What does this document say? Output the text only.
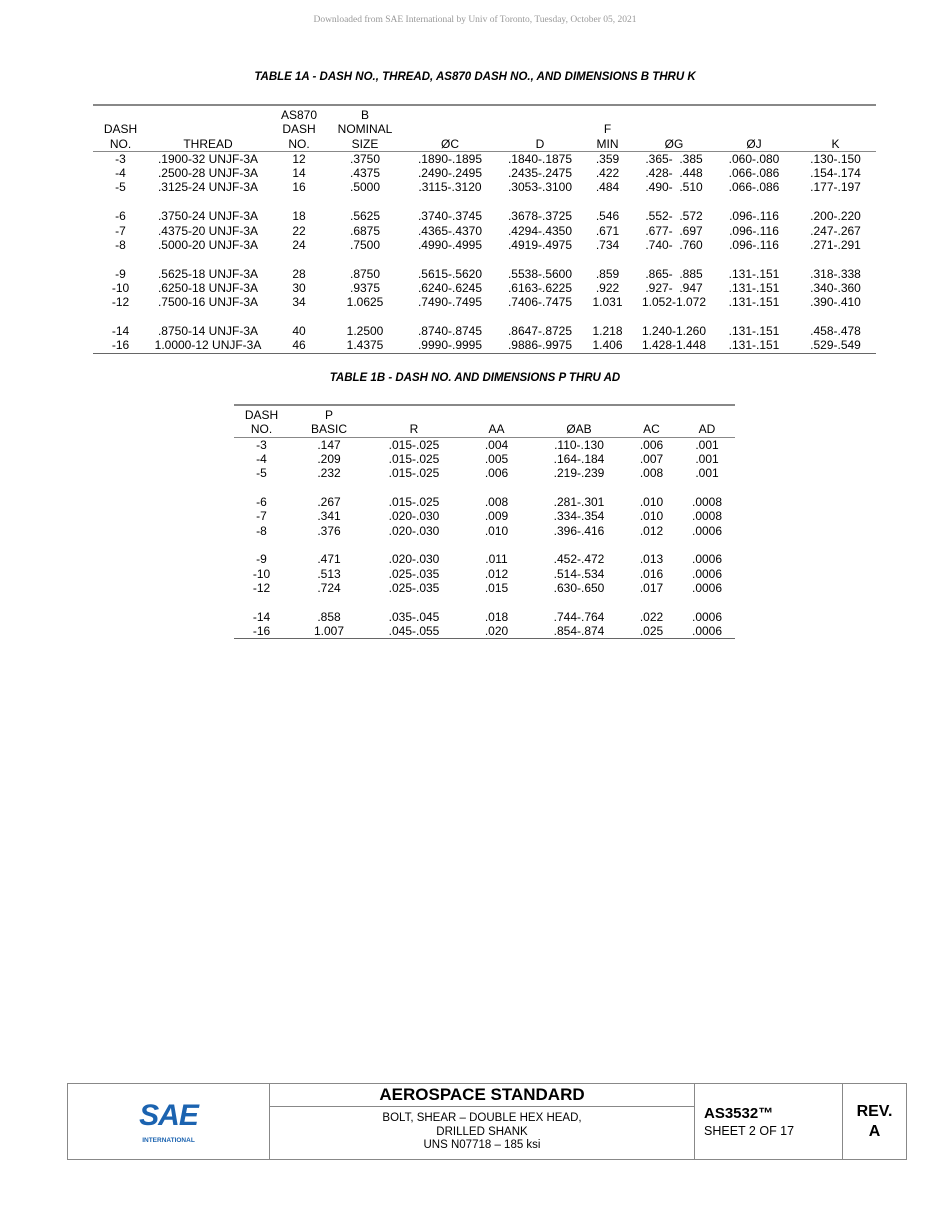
Downloaded from SAE International by Univ of Toronto, Tuesday, October 05, 2021
TABLE 1A - DASH NO., THREAD, AS870 DASH NO., AND DIMENSIONS B THRU K
		AS870	B						
DASH		DASH	NOMINAL			F			
NO.	THREAD	NO.	SIZE	ØC	D	MIN	ØG	ØJ	K
-3	.1900-32 UNJF-3A	12	.3750	.1890-.1895	.1840-.1875	.359	.365-  .385	.060-.080	.130-.150
-4	.2500-28 UNJF-3A	14	.4375	.2490-.2495	.2435-.2475	.422	.428-  .448	.066-.086	.154-.174
-5	.3125-24 UNJF-3A	16	.5000	.3115-.3120	.3053-.3100	.484	.490-  .510	.066-.086	.177-.197

-6	.3750-24 UNJF-3A	18	.5625	.3740-.3745	.3678-.3725	.546	.552-  .572	.096-.116	.200-.220
-7	.4375-20 UNJF-3A	22	.6875	.4365-.4370	.4294-.4350	.671	.677-  .697	.096-.116	.247-.267
-8	.5000-20 UNJF-3A	24	.7500	.4990-.4995	.4919-.4975	.734	.740-  .760	.096-.116	.271-.291

-9	.5625-18 UNJF-3A	28	.8750	.5615-.5620	.5538-.5600	.859	.865-  .885	.131-.151	.318-.338
-10	.6250-18 UNJF-3A	30	.9375	.6240-.6245	.6163-.6225	.922	.927-  .947	.131-.151	.340-.360
-12	.7500-16 UNJF-3A	34	1.0625	.7490-.7495	.7406-.7475	1.031	1.052-1.072	.131-.151	.390-.410

-14	.8750-14 UNJF-3A	40	1.2500	.8740-.8745	.8647-.8725	1.218	1.240-1.260	.131-.151	.458-.478
-16	1.0000-12 UNJF-3A	46	1.4375	.9990-.9995	.9886-.9975	1.406	1.428-1.448	.131-.151	.529-.549
TABLE 1B - DASH NO. AND DIMENSIONS P THRU AD
DASH	P					
NO.	BASIC	R	AA	ØAB	AC	AD
-3	.147	.015-.025	.004	.110-.130	.006	.001
-4	.209	.015-.025	.005	.164-.184	.007	.001
-5	.232	.015-.025	.006	.219-.239	.008	.001

-6	.267	.015-.025	.008	.281-.301	.010	.0008
-7	.341	.020-.030	.009	.334-.354	.010	.0008
-8	.376	.020-.030	.010	.396-.416	.012	.0006

-9	.471	.020-.030	.011	.452-.472	.013	.0006
-10	.513	.025-.035	.012	.514-.534	.016	.0006
-12	.724	.025-.035	.015	.630-.650	.017	.0006

-14	.858	.035-.045	.018	.744-.764	.022	.0006
-16	1.007	.045-.055	.020	.854-.874	.025	.0006
SAE
INTERNATIONAL
AEROSPACE STANDARD
BOLT, SHEAR – DOUBLE HEX HEAD,
DRILLED SHANK
UNS N07718 – 185 ksi
AS3532™
SHEET 2 OF 17
REV.
A
